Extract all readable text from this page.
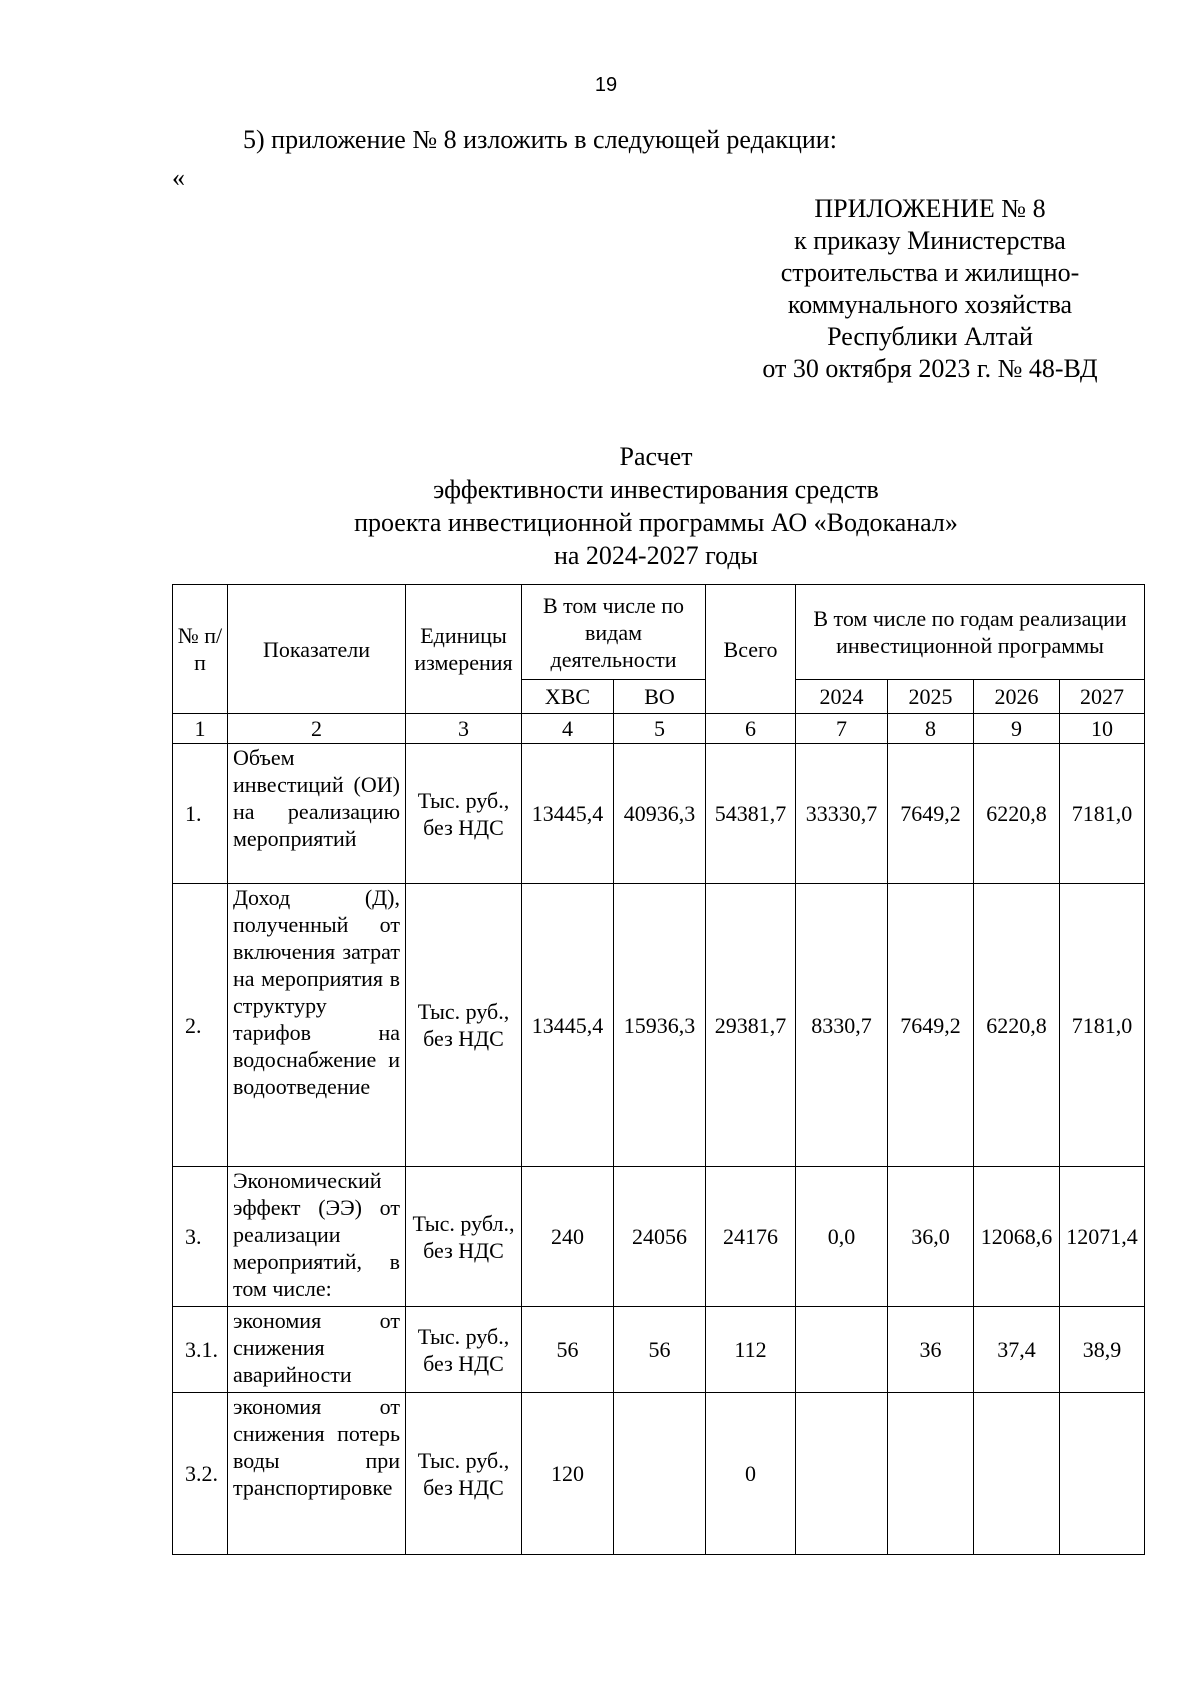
19
5) приложение № 8 изложить в следующей редакции:
«
ПРИЛОЖЕНИЕ № 8
к приказу Министерства
строительства и жилищно-
коммунального хозяйства
Республики Алтай
от 30 октября 2023 г. № 48-ВД
Расчет
эффективности инвестирования средств
проекта инвестиционной программы АО «Водоканал»
на 2024-2027 годы
№ п/п	Показатели	Единицы измерения	В том числе по видам деятельности		Всего	В том числе по годам реализации инвестиционной программы			
			ХВС	ВО		2024	2025	2026	2027
1	2	3	4	5	6	7	8	9	10
1.	Объем инвестиций (ОИ) на реализацию мероприятий	Тыс. руб., без НДС	13445,4	40936,3	54381,7	33330,7	7649,2	6220,8	7181,0
2.	Доход (Д), полученный от включения затрат на мероприятия в структуру тарифов на водоснабжение и водоотведение	Тыс. руб., без НДС	13445,4	15936,3	29381,7	8330,7	7649,2	6220,8	7181,0
3.	Экономический эффект (ЭЭ) от реализации мероприятий, в том числе:	Тыс. рубл., без НДС	240	24056	24176	0,0	36,0	12068,6	12071,4
3.1.	экономия от снижения аварийности	Тыс. руб., без НДС	56	56	112		36	37,4	38,9
3.2.	экономия от снижения потерь воды при транспортировке	Тыс. руб., без НДС	120		0				
